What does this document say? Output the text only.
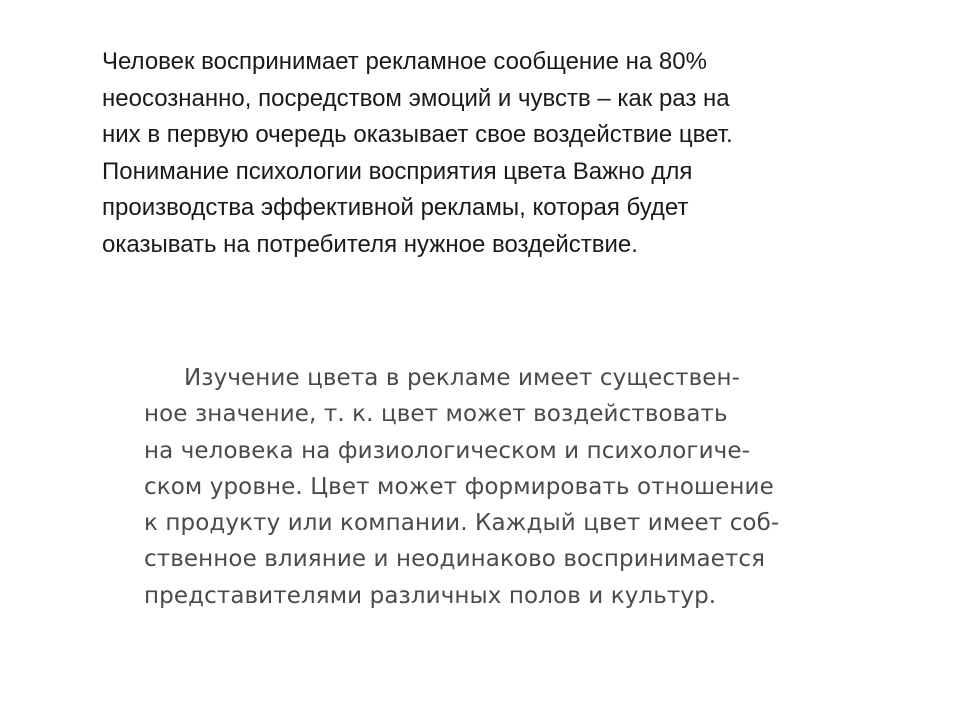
Человек воспринимает рекламное сообщение на 80%
неосознанно, посредством эмоций и чувств – как раз на
них в первую очередь оказывает свое воздействие цвет.
Понимание психологии восприятия цвета Важно для
производства эффективной рекламы, которая будет
оказывать на потребителя нужное воздействие.

Изучение цвета в рекламе имеет существен-
ное значение, т. к. цвет может воздействовать
на человека на физиологическом и психологиче-
ском уровне. Цвет может формировать отношение
к продукту или компании. Каждый цвет имеет соб-
ственное влияние и неодинаково воспринимается
представителями различных полов и культур.
